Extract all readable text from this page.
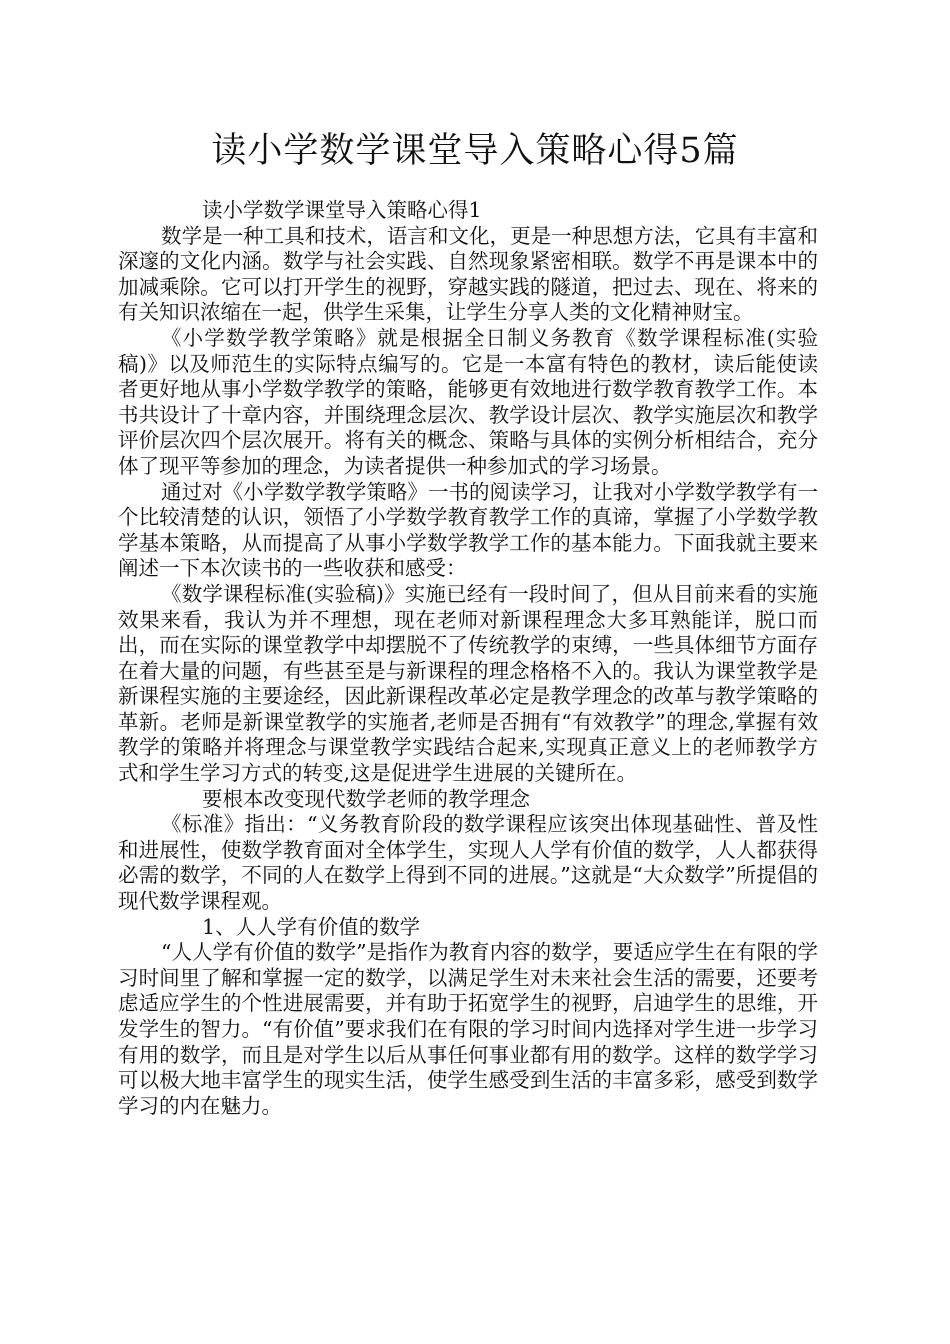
读小学数学课堂导入策略心得5篇

读小学数学课堂导入策略心得1

数学是一种工具和技术，语言和文化，更是一种思想方法，它具有丰富和深邃的文化内涵。数学与社会实践、自然现象紧密相联。数学不再是课本中的加减乘除。它可以打开学生的视野，穿越实践的隧道，把过去、现在、将来的有关知识浓缩在一起，供学生采集，让学生分享人类的文化精神财宝。

《小学数学教学策略》就是根据全日制义务教育《数学课程标准(实验稿)》以及师范生的实际特点编写的。它是一本富有特色的教材，读后能使读者更好地从事小学数学教学的策略，能够更有效地进行数学教育教学工作。本书共设计了十章内容，并围绕理念层次、教学设计层次、教学实施层次和教学评价层次四个层次展开。将有关的概念、策略与具体的实例分析相结合，充分体了现平等参加的理念，为读者提供一种参加式的学习场景。

通过对《小学数学教学策略》一书的阅读学习，让我对小学数学教学有一个比较清楚的认识，领悟了小学数学教育教学工作的真谛，掌握了小学数学教学基本策略，从而提高了从事小学数学教学工作的基本能力。下面我就主要来阐述一下本次读书的一些收获和感受：

《数学课程标准(实验稿)》实施已经有一段时间了，但从目前来看的实施效果来看，我认为并不理想，现在老师对新课程理念大多耳熟能详，脱口而出，而在实际的课堂教学中却摆脱不了传统教学的束缚，一些具体细节方面存在着大量的问题，有些甚至是与新课程的理念格格不入的。我认为课堂教学是新课程实施的主要途经，因此新课程改革必定是教学理念的改革与教学策略的革新。老师是新课堂教学的实施者,老师是否拥有“有效教学”的理念,掌握有效教学的策略并将理念与课堂教学实践结合起来,实现真正意义上的老师教学方式和学生学习方式的转变,这是促进学生进展的关键所在。

要根本改变现代数学老师的教学理念

《标准》指出：“义务教育阶段的数学课程应该突出体现基础性、普及性和进展性，使数学教育面对全体学生，实现人人学有价值的数学，人人都获得必需的数学，不同的人在数学上得到不同的进展。”这就是“大众数学”所提倡的现代数学课程观。

1、人人学有价值的数学

“人人学有价值的数学”是指作为教育内容的数学，要适应学生在有限的学习时间里了解和掌握一定的数学，以满足学生对未来社会生活的需要，还要考虑适应学生的个性进展需要，并有助于拓宽学生的视野，启迪学生的思维，开发学生的智力。“有价值”要求我们在有限的学习时间内选择对学生进一步学习有用的数学，而且是对学生以后从事任何事业都有用的数学。这样的数学学习可以极大地丰富学生的现实生活，使学生感受到生活的丰富多彩，感受到数学学习的内在魅力。
